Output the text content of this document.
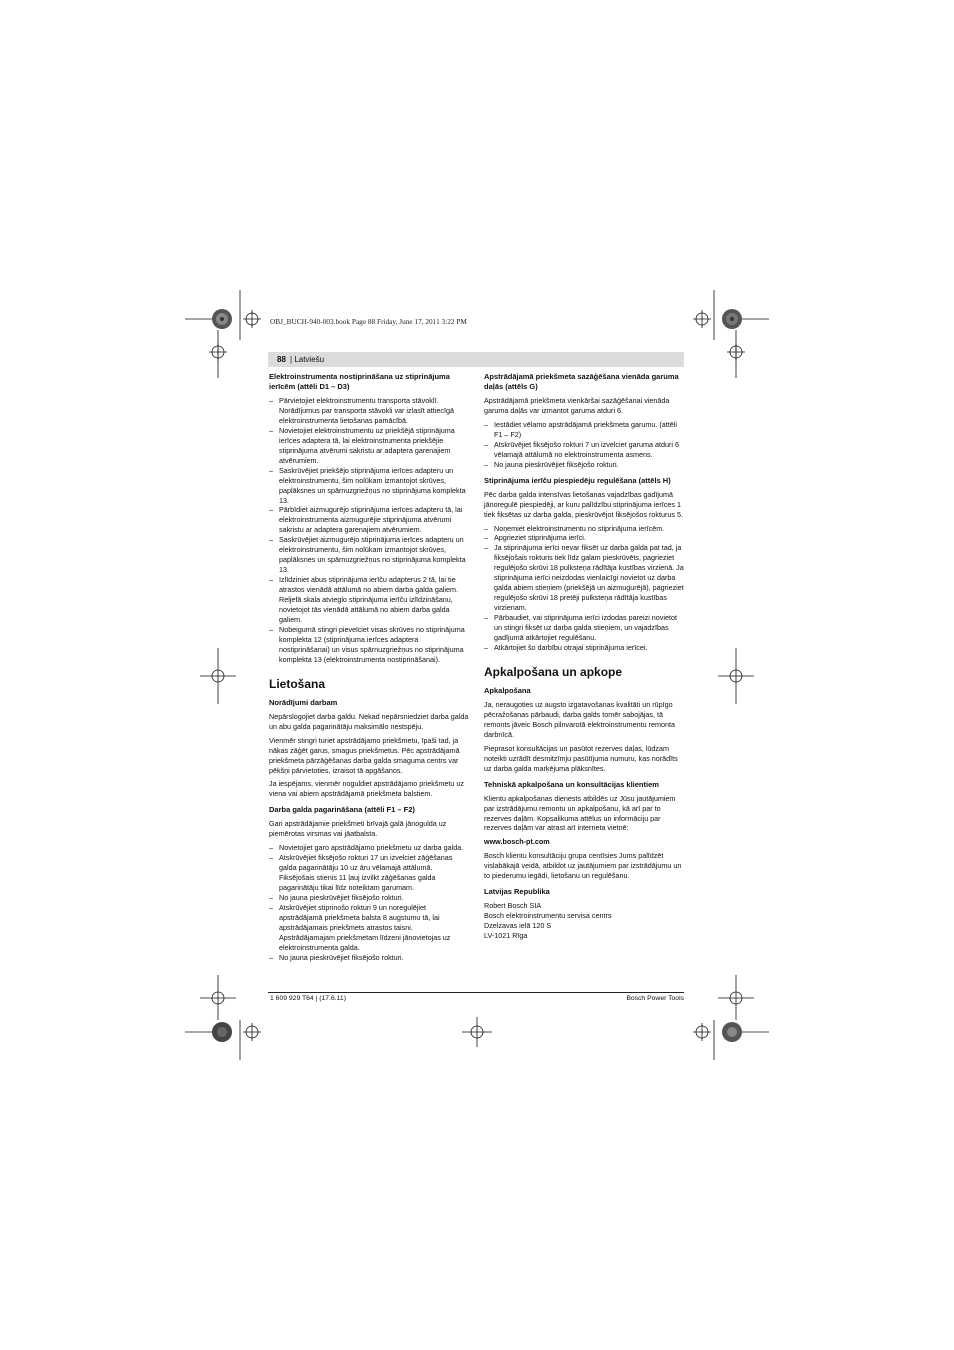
OBJ_BUCH-940-003.book Page 88 Friday, June 17, 2011 3:22 PM
88
|	Latviešu
Elektroinstrumenta nostiprināšana uz stiprinājuma ierīcēm (attēli D1 – D3)
– Pārvietojiet elektroinstrumentu transporta stāvoklī. Norādījumus par transporta stāvokli var izlasīt attiecīgā elektroinstrumenta lietošanas pamācībā.
– Novietojiet elektroinstrumentu uz priekšējā stiprinājuma ierīces adaptera tā, lai elektroinstrumenta priekšējie stiprinājuma atvērumi sakristu ar adaptera garenajiem atvērumiem.
– Saskrūvējiet priekšējo stiprinājuma ierīces adapteru un elektroinstrumentu, šim nolūkam izmantojot skrūves, paplāksnes un spārnuzgriežņus no stiprinājuma komplekta 13.
– Pārbīdiet aizmugurējo stiprinājuma ierīces adapteru tā, lai elektroinstrumenta aizmugurējie stiprinājuma atvērumi sakristu ar adaptera garenajiem atvērumiem.
– Saskrūvējiet aizmugurējo stiprinājuma ierīces adapteru un elektroinstrumentu, šim nolūkam izmantojot skrūves, paplāksnes un spārnuzgriežņus no stiprinājuma komplekta 13.
– Izlīdziniet abus stiprinājuma ierīču adapterus 2 tā, lai tie atrastos vienādā attālumā no abiem darba galda galiem. Reljefā skala atvieglo stiprinājuma ierīču izlīdzināšanu, novietojot tās vienādā attālumā no abiem darba galda galiem.
– Nobeigumā stingri pievelciet visas skrūves no stiprinājuma komplekta 12 (stiprinājuma ierīces adaptera nostiprināšanai) un visus spārnuzgriežņus no stiprinājuma komplekta 13 (elektroinstrumenta nostiprināšanai).
Lietošana
Norādījumi darbam

Nepārslogojiet darba galdu. Nekad nepārsniedziet darba galda un abu galda pagarinātāju maksimālo nestspēju.

Vienmēr stingri turiet apstrādājamo priekšmetu, īpaši tad, ja nākas zāģēt garus, smagus priekšmetus. Pēc apstrādājamā priekšmeta pārzāģēšanas darba galda smaguma centrs var pēkšņi pārvietoties, izraisot tā apgāšanos.

Ja iespējams, vienmēr noguldiet apstrādājamo priekšmetu uz viena vai abiem apstrādājamā priekšmeta balstiem.

Darba galda pagarināšana (attēli F1 – F2)

Gari apstrādājamie priekšmeti brīvajā galā jānogulda uz piemērotas virsmas vai jāatbalsta.

– Novietojiet garo apstrādājamo priekšmetu uz darba galda.
– Atskrūvējiet fiksējošo rokturi 17 un izvelciet zāģēšanas galda pagarinātāju 10 uz āru vēlamajā attālumā. Fiksējošais stienis 11 ļauj izvilkt zāģēšanas galda pagarinātāju tikai līdz noteiktam garumam.
– No jauna pieskrūvējiet fiksējošo rokturi.
– Atskrūvējiet stiprinošo rokturi 9 un noregulējiet apstrādājamā priekšmeta balsta 8 augstumu tā, lai apstrādājamais priekšmets atrastos taisni. Apstrādājamajam priekšmetam līdzeni jānovietojas uz elektroinstrumenta galda.
– No jauna pieskrūvējiet fiksējošo rokturi.
Apstrādājamā priekšmeta sazāģēšana vienāda garuma daļās (attēls G)

Apstrādājamā priekšmeta vienkāršai sazāģēšanai vienāda garuma daļās var izmantot garuma atduri 6.

– Iestādiet vēlamo apstrādājamā priekšmeta garumu. (attēli F1 – F2)
– Atskrūvējiet fiksējošo rokturi 7 un izvelciet garuma atduri 6 vēlamajā attālumā no elektroinstrumenta asmens.
– No jauna pieskrūvējiet fiksējošo rokturi.
Stiprinājuma ierīču piespiedēju regulēšana (attēls H)

Pēc darba galda intensīvas lietošanas vajadzības gadījumā jānoregulē piespiedēji, ar kuru palīdzību stiprinājuma ierīces 1 tiek fiksētas uz darba galda, pieskrūvējot fiksējošos rokturus 5.

– Noņemiet elektroinstrumentu no stiprinājuma ierīcēm.
– Apgrieziet stiprinājuma ierīci.
– Ja stiprinājuma ierīci nevar fiksēt uz darba galda pat tad, ja fiksējošais rokturis tiek līdz galam pieskrūvēts, pagrieziet regulējošo skrūvi 18 pulksteņa rādītāja kustības virzienā. Ja stiprinājuma ierīci neizdodas vienlaicīgi novietot uz darba galda abiem stieņiem (priekšējā un aizmugurējā), pagrieziet regulējošo skrūvi 18 pretēji pulksteņa rādītāja kustības virzienam.
– Pārbaudiet, vai stiprinājuma ierīci izdodas pareizi novietot un stingri fiksēt uz darba galda stieņiem, un vajadzības gadījumā atkārtojiet regulēšanu.
– Atkārtojiet šo darbību otrajai stiprinājuma ierīcei.
Apkalpošana un apkope
Apkalpošana

Ja, neraugoties uz augsto izgatavošanas kvalitāti un rūpīgo pēcražošanas pārbaudi, darba galds tomēr sabojājas, tā remonts jāveic Bosch pilnvarotā elektroinstrumentu remonta darbnīcā.

Pieprasot konsultācijas un pasūtot rezerves daļas, lūdzam noteikti uzrādīt desmitzīmju pasūtījuma numuru, kas norādīts uz darba galda marķējuma plāksnītes.

Tehniskā apkalpošana un konsultācijas klientiem

Klientu apkalpošanas dienests atbildēs uz Jūsu jautājumiem par izstrādājumu remontu un apkalpošanu, kā arī par to rezerves daļām. Kopsalikuma attēlus un informāciju par rezerves daļām var atrast arī interneta vietnē:

www.bosch-pt.com

Bosch klientu konsultāciju grupa centīsies Jums palīdzēt vislabākajā veidā, atbildot uz jautājumiem par izstrādājumu un to piederumu iegādi, lietošanu un regulēšanu.

Latvijas Republika
Robert Bosch SIA
Bosch elektroinstrumentu servisa centrs
Dzelzavas ielā 120 S
LV-1021 Rīga
1 609 929 T64 | (17.6.11)	Bosch Power Tools
